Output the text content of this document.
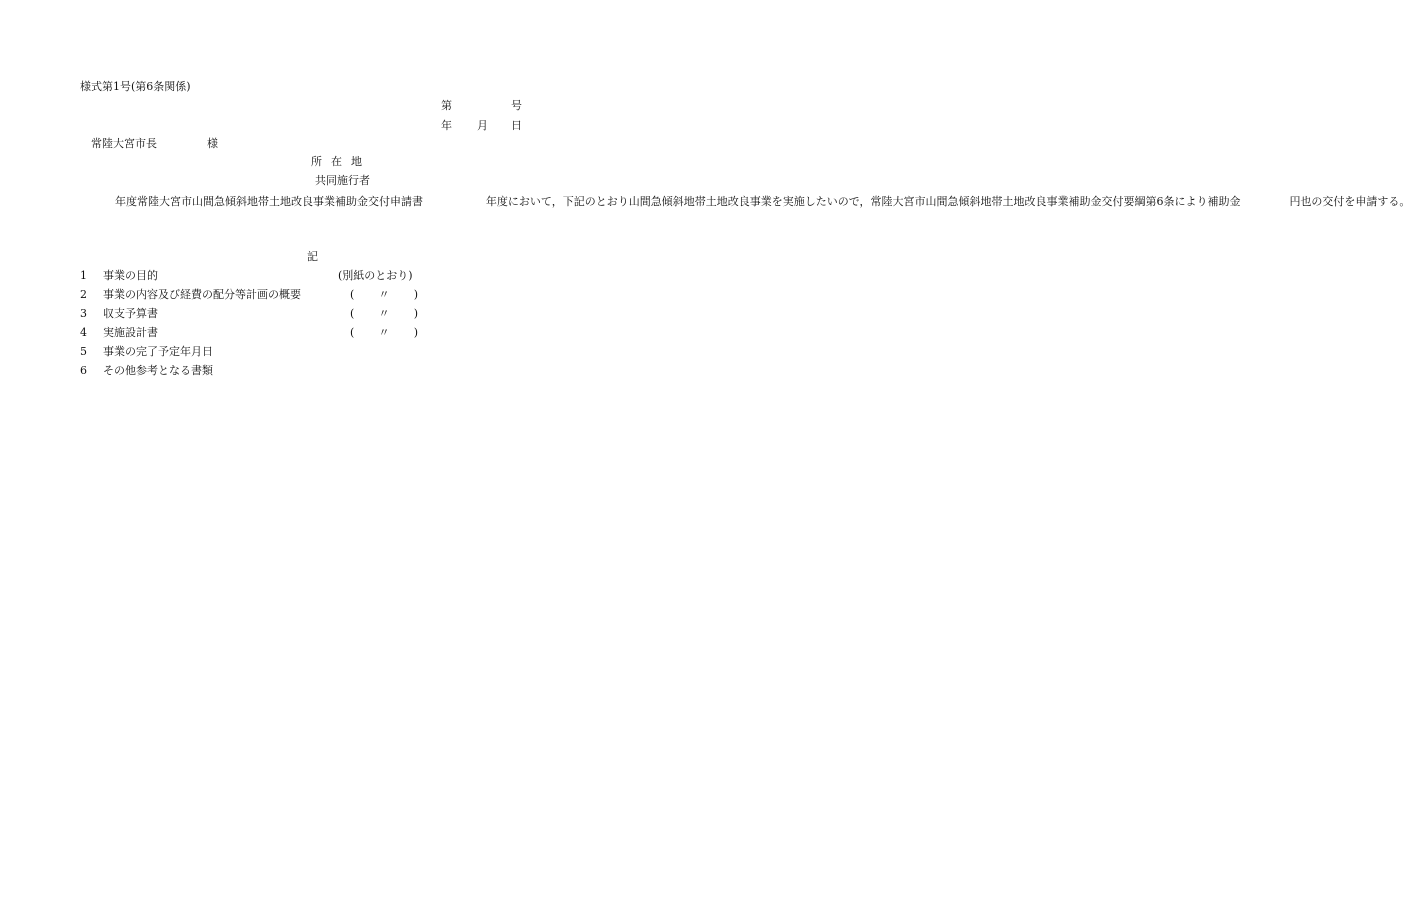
様式第1号(第6条関係)
第	号
年 月 日
常陸大宮市長	様
所在地
共同施行者
年度常陸大宮市山間急傾斜地帯土地改良事業補助金交付申請書	年度において，下記のとおり山間急傾斜地帯土地改良事業を実施したいので，常陸大宮市山間急傾斜地帯土地改良事業補助金交付要綱第6条により補助金	円也の交付を申請する。
記
1 事業の目的	(別紙のとおり)
2 事業の内容及び経費の配分等計画の概要	( 〃 )
3 収支予算書	( 〃 )
4 実施設計書	( 〃 )
5 事業の完了予定年月日
6 その他参考となる書類
